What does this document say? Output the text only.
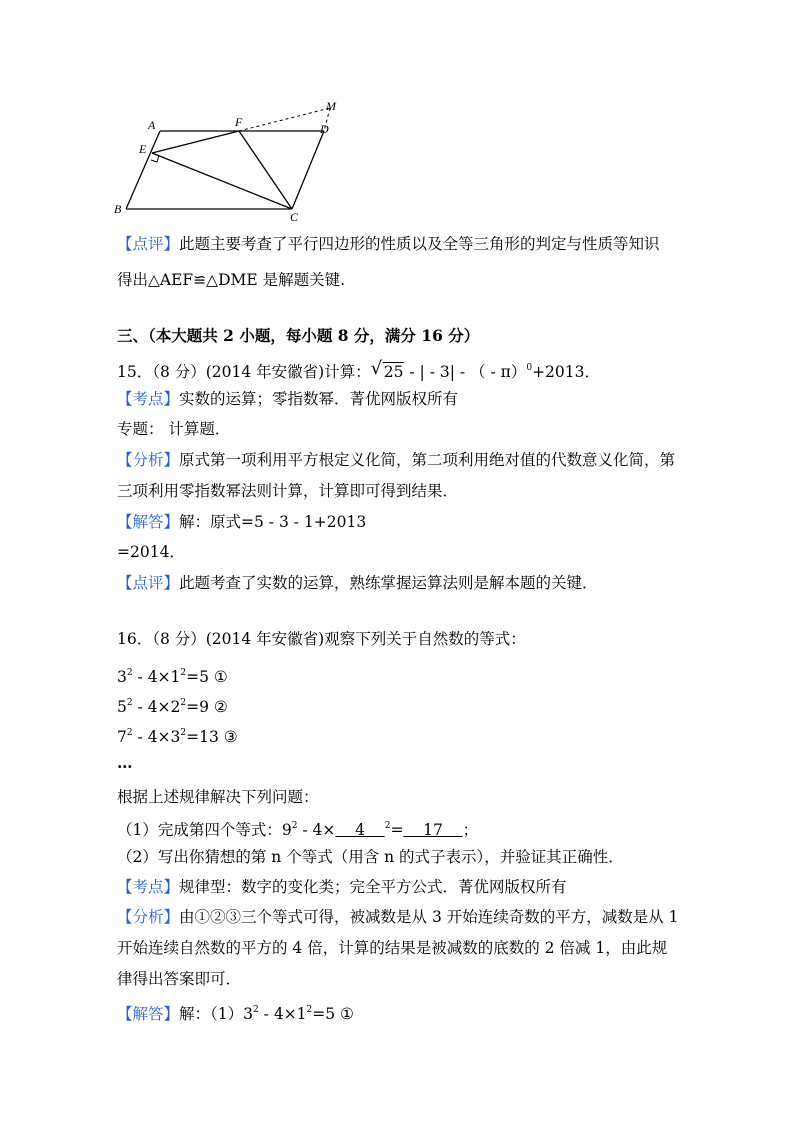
A	F
M
D
E
B
C
【点评】此题主要考查了平行四边形的性质以及全等三角形的判定与性质等知识
得出△AEF≌△DME 是解题关键.
三、（本大题共 2 小题，每小题 8 分，满分 16 分）
15．（8 分）(2014 年安徽省)计算： √ 25 - | - 3| - （ - π）$^0$+2013．
【考点】实数的运算；零指数幂．菁优网版权所有
专题： 计算题．
【分析】原式第一项利用平方根定义化简，第二项利用绝对值的代数意义化简，第
三项利用零指数幂法则计算，计算即可得到结果．
【解答】解：原式=5 - 3 - 1+2013
=2014．
【点评】此题考查了实数的运算，熟练掌握运算法则是解本题的关键．
16．（8 分）(2014 年安徽省)观察下列关于自然数的等式：
$3^2 - 4\times 1^2=5$ ①
$5^2 - 4\times 2^2=9$ ②
$7^2 - 4\times 3^2=13$ ③
…
根据上述规律解决下列问题：
（1）完成第四个等式：$9^2 - 4\times$    4    $^2$=    17    ；
（2）写出你猜想的第 n 个等式（用含 n 的式子表示），并验证其正确性．
【考点】规律型：数字的变化类；完全平方公式．菁优网版权所有
【分析】由①②③三个等式可得，被减数是从 3 开始连续奇数的平方，减数是从 1
开始连续自然数的平方的 4 倍，计算的结果是被减数的底数的 2 倍减 1，由此规
律得出答案即可．
【解答】解：$(1)3^2 - 4\times 1^2=5$ ①
